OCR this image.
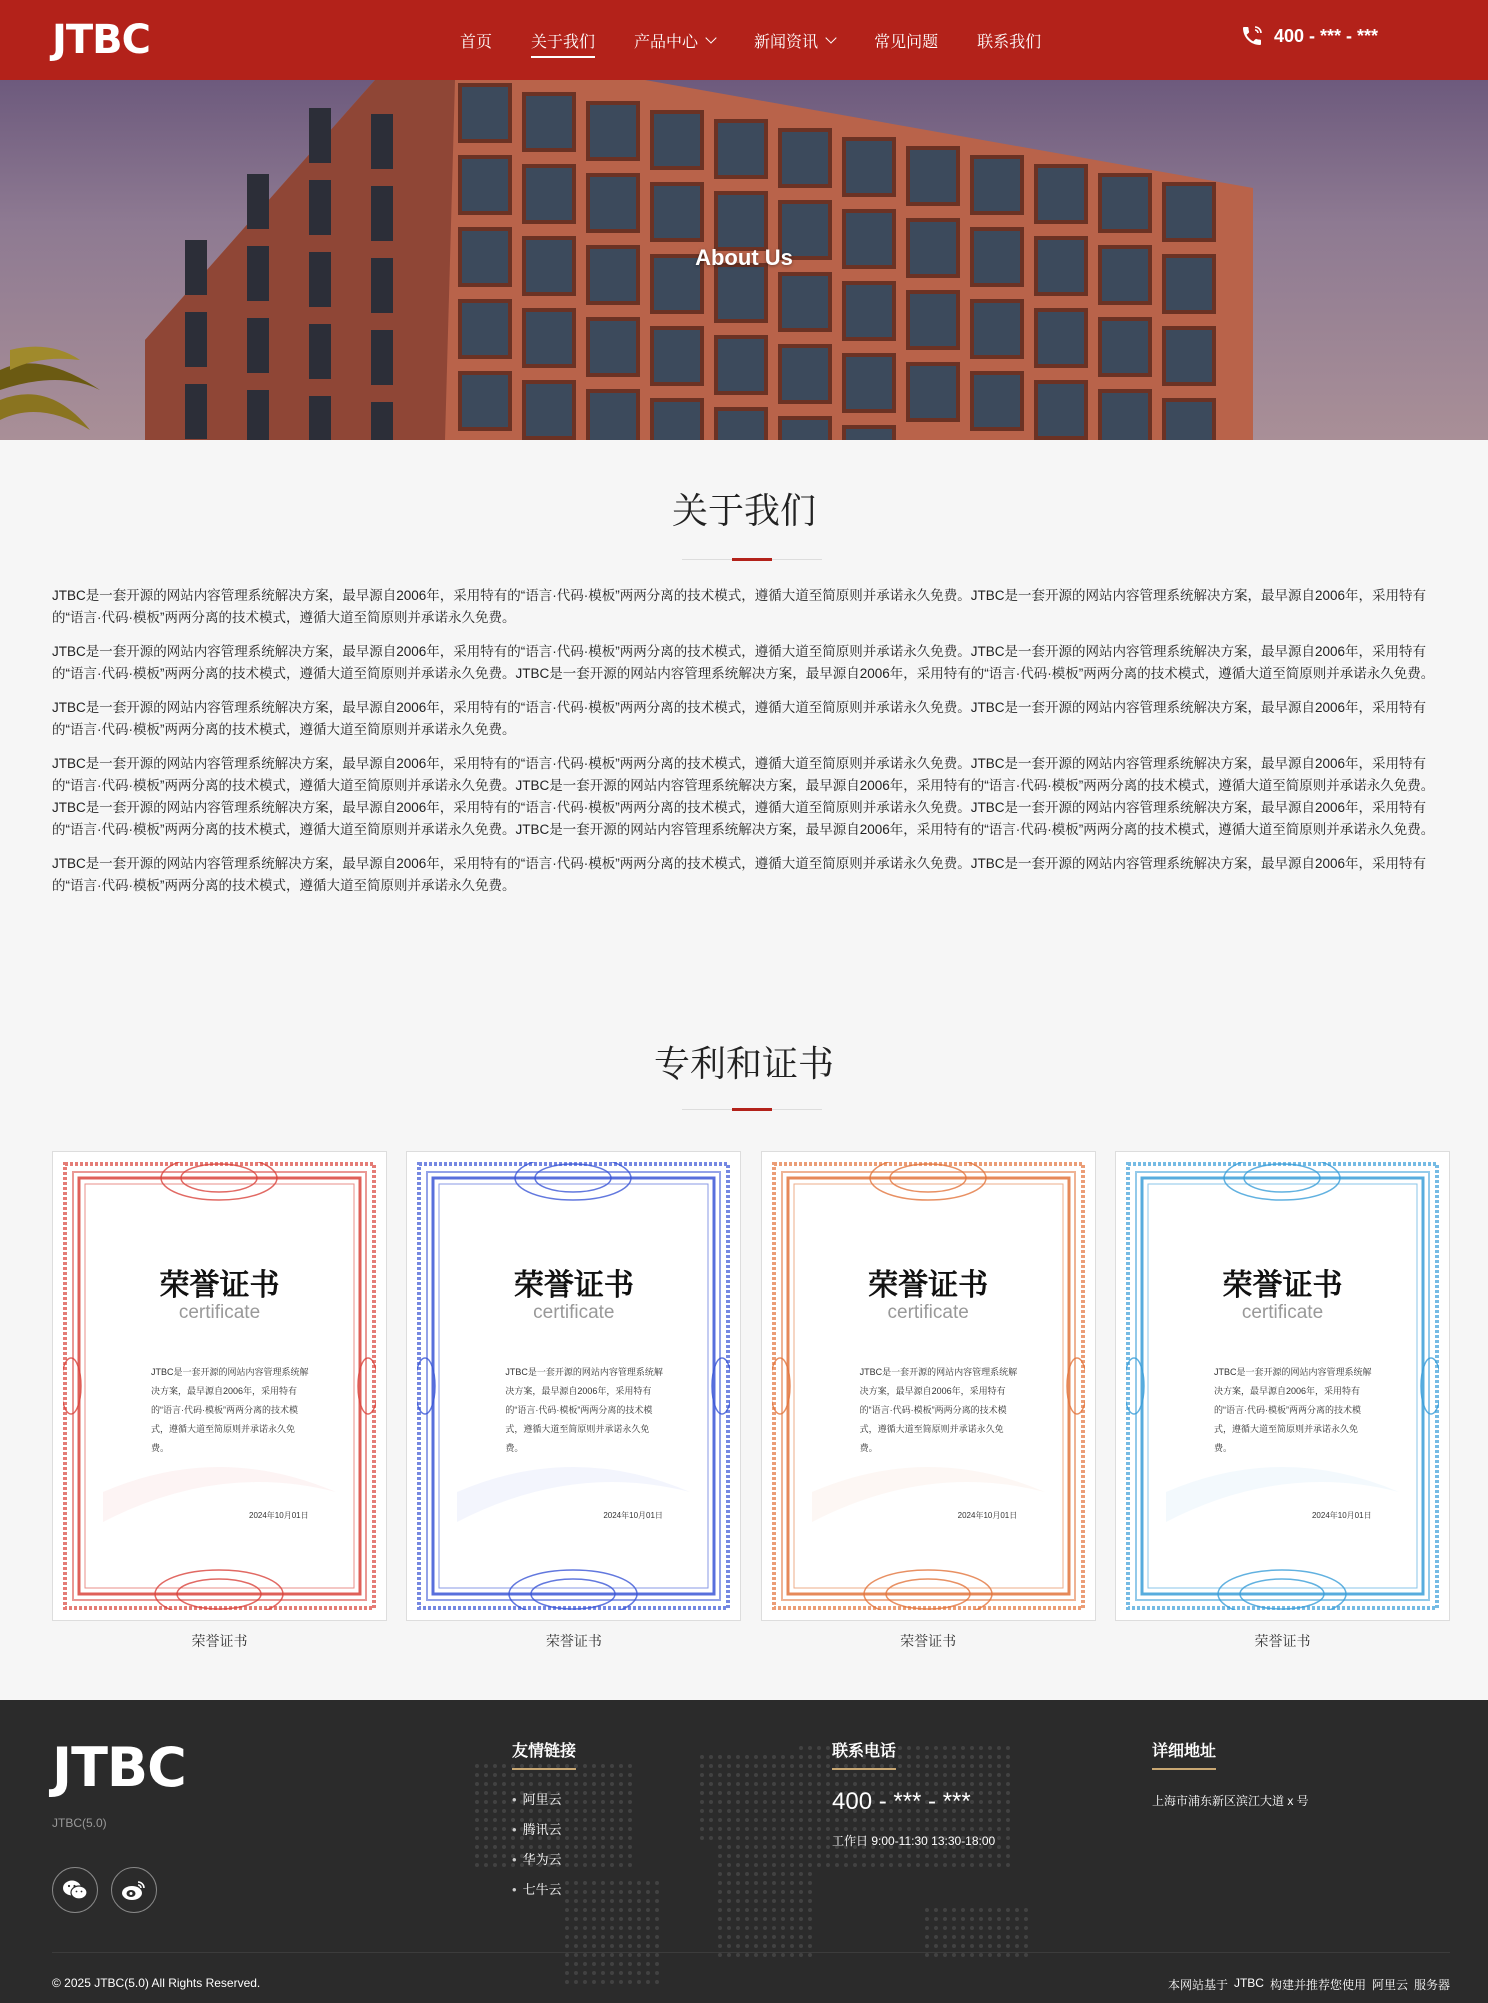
JTBC	首页 关于我们 产品中心	新闻资讯	常见问题 联系我们	400 - *** - ***
About Us
关于我们

JTBC是一套开源的网站内容管理系统解决方案，最早源自2006年，采用特有的“语言·代码·模板”两两分离的技术模式，遵循大道至简原则并承诺永久免费。JTBC是一套开源的网站内容管理系统解决方案，最早源自2006年，采用特有的“语言·代码·模板”两两分离的技术模式，遵循大道至简原则并承诺永久免费。

JTBC是一套开源的网站内容管理系统解决方案，最早源自2006年，采用特有的“语言·代码·模板”两两分离的技术模式，遵循大道至简原则并承诺永久免费。JTBC是一套开源的网站内容管理系统解决方案，最早源自2006年，采用特有的“语言·代码·模板”两两分离的技术模式，遵循大道至简原则并承诺永久免费。JTBC是一套开源的网站内容管理系统解决方案，最早源自2006年，采用特有的“语言·代码·模板”两两分离的技术模式，遵循大道至简原则并承诺永久免费。

JTBC是一套开源的网站内容管理系统解决方案，最早源自2006年，采用特有的“语言·代码·模板”两两分离的技术模式，遵循大道至简原则并承诺永久免费。JTBC是一套开源的网站内容管理系统解决方案，最早源自2006年，采用特有的“语言·代码·模板”两两分离的技术模式，遵循大道至简原则并承诺永久免费。

JTBC是一套开源的网站内容管理系统解决方案，最早源自2006年，采用特有的“语言·代码·模板”两两分离的技术模式，遵循大道至简原则并承诺永久免费。JTBC是一套开源的网站内容管理系统解决方案，最早源自2006年，采用特有的“语言·代码·模板”两两分离的技术模式，遵循大道至简原则并承诺永久免费。JTBC是一套开源的网站内容管理系统解决方案，最早源自2006年，采用特有的“语言·代码·模板”两两分离的技术模式，遵循大道至简原则并承诺永久免费。JTBC是一套开源的网站内容管理系统解决方案，最早源自2006年，采用特有的“语言·代码·模板”两两分离的技术模式，遵循大道至简原则并承诺永久免费。JTBC是一套开源的网站内容管理系统解决方案，最早源自2006年，采用特有的“语言·代码·模板”两两分离的技术模式，遵循大道至简原则并承诺永久免费。JTBC是一套开源的网站内容管理系统解决方案，最早源自2006年，采用特有的“语言·代码·模板”两两分离的技术模式，遵循大道至简原则并承诺永久免费。

JTBC是一套开源的网站内容管理系统解决方案，最早源自2006年，采用特有的“语言·代码·模板”两两分离的技术模式，遵循大道至简原则并承诺永久免费。JTBC是一套开源的网站内容管理系统解决方案，最早源自2006年，采用特有的“语言·代码·模板”两两分离的技术模式，遵循大道至简原则并承诺永久免费。

专利和证书
荣誉证书
certificate
JTBC是一套开源的网站内容管理系统解决方案，最早源自2006年，采用特有的“语言·代码·模板”两两分离的技术模式，遵循大道至简原则并承诺永久免费。
2024年10月01日
荣誉证书
荣誉证书
certificate
JTBC是一套开源的网站内容管理系统解决方案，最早源自2006年，采用特有的“语言·代码·模板”两两分离的技术模式，遵循大道至简原则并承诺永久免费。
2024年10月01日
荣誉证书
荣誉证书
certificate
JTBC是一套开源的网站内容管理系统解决方案，最早源自2006年，采用特有的“语言·代码·模板”两两分离的技术模式，遵循大道至简原则并承诺永久免费。
2024年10月01日
荣誉证书
荣誉证书
certificate
JTBC是一套开源的网站内容管理系统解决方案，最早源自2006年，采用特有的“语言·代码·模板”两两分离的技术模式，遵循大道至简原则并承诺永久免费。
2024年10月01日
荣誉证书
JTBC
JTBC(5.0)
友情链接
• 阿里云
• 腾讯云
• 华为云
• 七牛云
联系电话
400 - *** - ***
工作日 9:00-11:30 13:30-18:00
详细地址
上海市浦东新区滨江大道 x 号
© 2025 JTBC(5.0) All Rights Reserved.	本网站基于 JTBC 构建并推荐您使用 阿里云 服务器
